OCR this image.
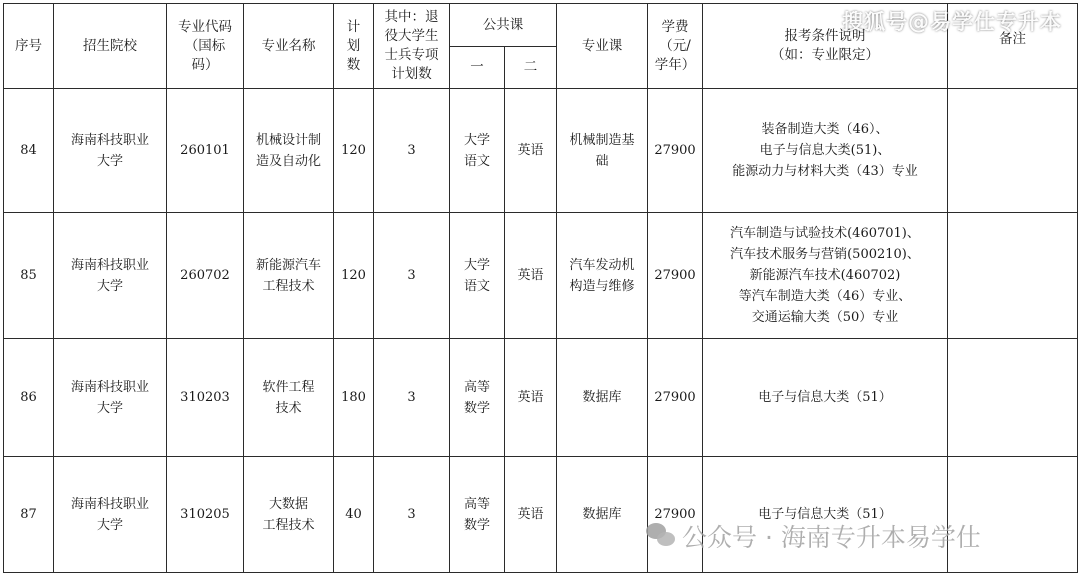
序号	招生院校	专业代码
（国标
码）	专业名称	计
划
数	其中：退
役大学生
士兵专项
计划数	公共课		专业课	学费
（元/
学年）	报考条件说明
（如：专业限定）	备注

						一	二				

84	海南科技职业
大学	260101	机械设计制
造及自动化	120	3	大学
语文	英语	机械制造基
础	27900	装备制造大类（46）、
电子与信息大类(51)、
能源动力与材料大类（43）专业	

85	海南科技职业
大学	260702	新能源汽车
工程技术	120	3	大学
语文	英语	汽车发动机
构造与维修	27900	汽车制造与试验技术(460701)、
汽车技术服务与营销(500210)、
新能源汽车技术(460702)
等汽车制造大类（46）专业、
交通运输大类（50）专业	

86	海南科技职业
大学	310203	软件工程
技术	180	3	高等
数学	英语	数据库	27900	电子与信息大类（51）	

87	海南科技职业
大学	310205	大数据
工程技术	40	3	高等
数学	英语	数据库	27900	电子与信息大类（51）	

搜狐号@易学仕专升本
公众号 · 海南专升本易学仕
